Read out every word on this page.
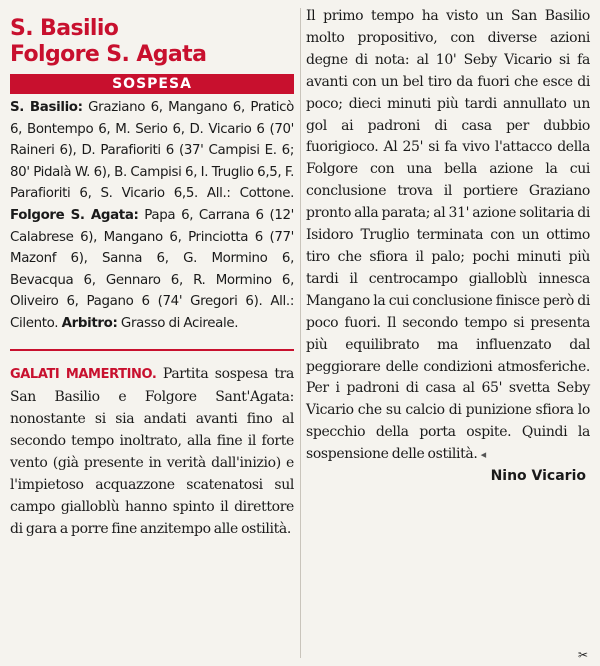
S. Basilio
Folgore S. Agata
SOSPESA
S. Basilio: Graziano 6, Mangano 6, Praticò 6, Bontempo 6, M. Serio 6, D. Vicario 6 (70' Raineri 6), D. Parafioriti 6 (37' Campisi E. 6; 80' Pidalà W. 6), B. Campisi 6, I. Truglio 6,5, F. Parafioriti 6, S. Vicario 6,5. All.: Cottone. Folgore S. Agata: Papa 6, Carrana 6 (12' Calabrese 6), Mangano 6, Princiotta 6 (77' Mazonf 6), Sanna 6, G. Mormino 6, Bevacqua 6, Gennaro 6, R. Mormino 6, Oliveiro 6, Pagano 6 (74' Gregori 6). All.: Cilento. Arbitro: Grasso di Acireale.
GALATI MAMERTINO. Partita sospesa tra San Basilio e Folgore Sant'Agata: nonostante si sia andati avanti fino al secondo tempo inoltrato, alla fine il forte vento (già presente in verità dall'inizio) e l'impietoso acquazzone scatenatosi sul campo gialloblù hanno spinto il direttore di gara a porre fine anzitempo alle ostilità.
Il primo tempo ha visto un San Basilio molto propositivo, con diverse azioni degne di nota: al 10' Seby Vicario si fa avanti con un bel tiro da fuori che esce di poco; dieci minuti più tardi annullato un gol ai padroni di casa per dubbio fuorigioco. Al 25' si fa vivo l'attacco della Folgore con una bella azione la cui conclusione trova il portiere Graziano pronto alla parata; al 31' azione solitaria di Isidoro Truglio terminata con un ottimo tiro che sfiora il palo; pochi minuti più tardi il centrocampo gialloblù innesca Mangano la cui conclusione finisce però di poco fuori. Il secondo tempo si presenta più equilibrato ma influenzato dal peggiorare delle condizioni atmosferiche. Per i padroni di casa al 65' svetta Seby Vicario che su calcio di punizione sfiora lo specchio della porta ospite. Quindi la sospensione delle ostilità. ◂
Nino Vicario
✂
